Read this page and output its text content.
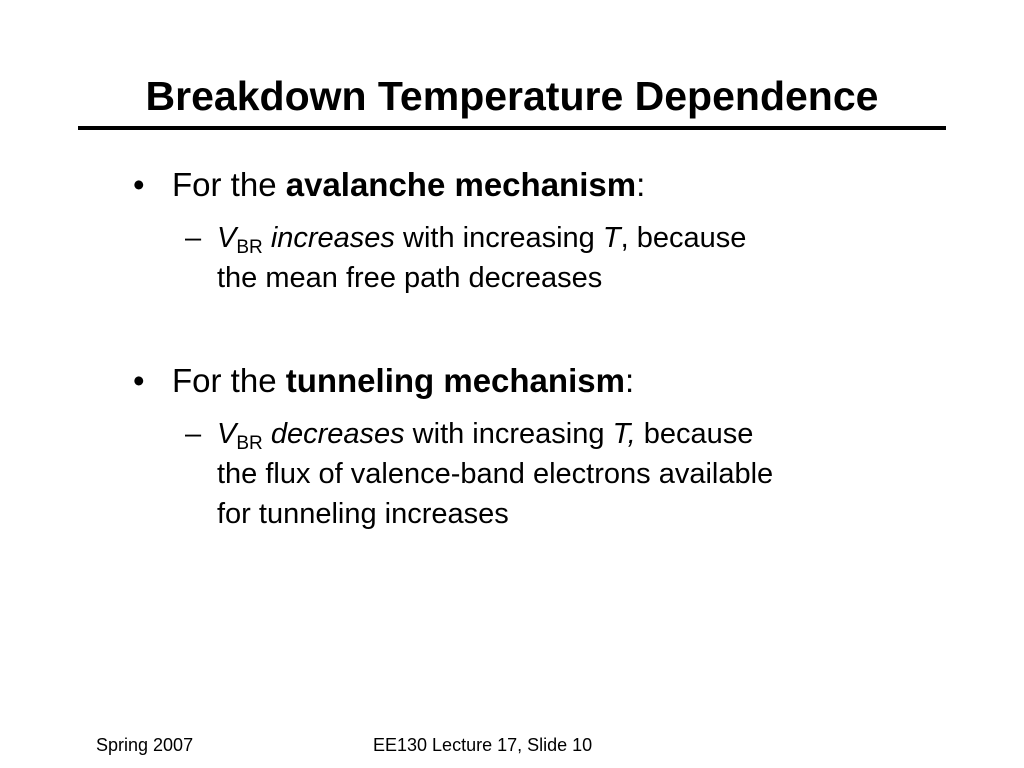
Breakdown Temperature Dependence
• For the avalanche mechanism:
– $V_{BR}$ increases with increasing T, because
the mean free path decreases
• For the tunneling mechanism:
– $V_{BR}$ decreases with increasing T, because
the flux of valence-band electrons available
for tunneling increases
Spring 2007	EE130 Lecture 17, Slide 10
